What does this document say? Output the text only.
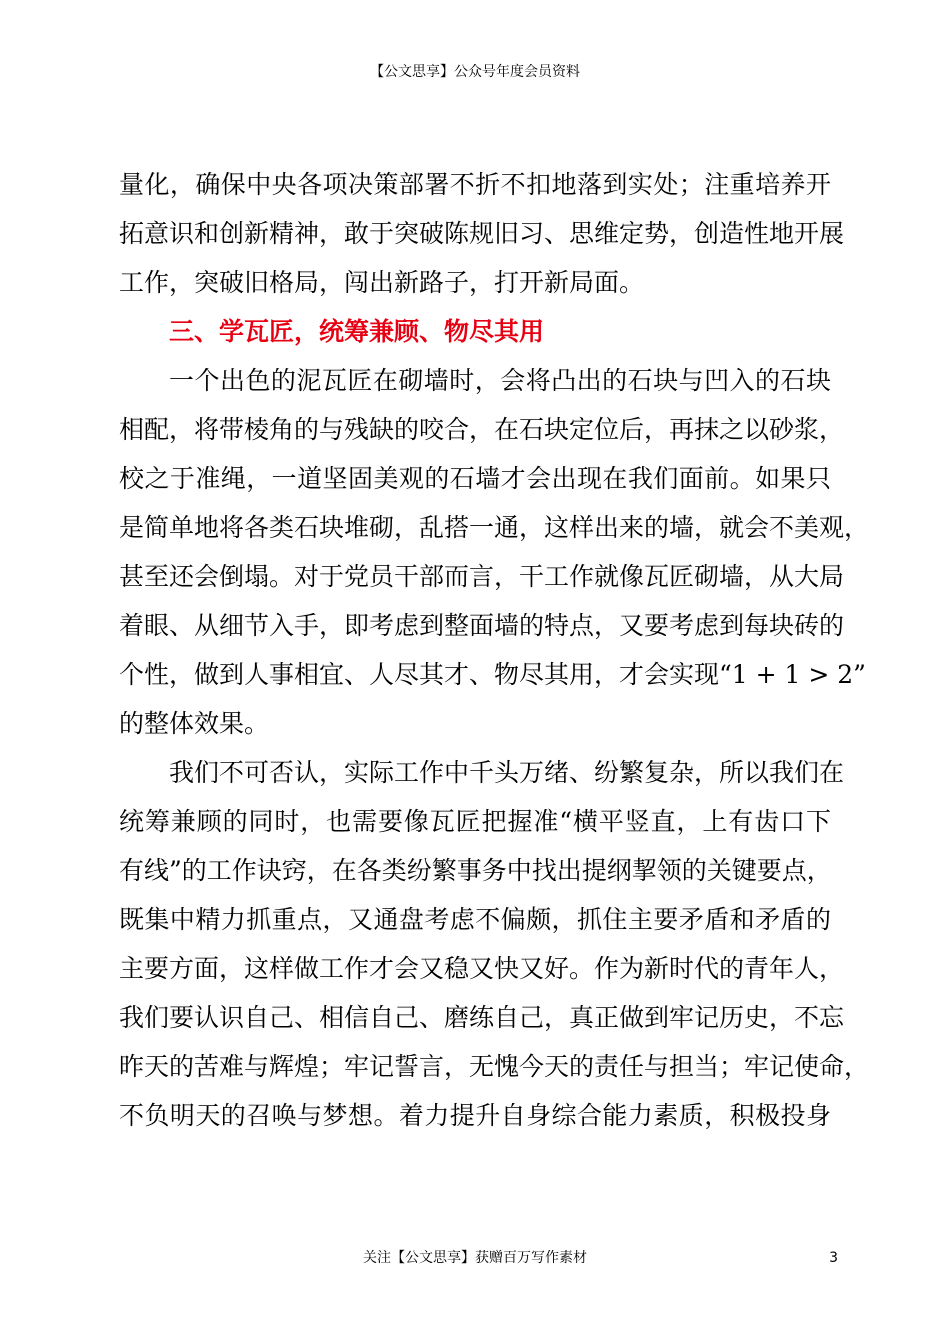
【公文思享】公众号年度会员资料
量化，确保中央各项决策部署不折不扣地落到实处；注重培养开
拓意识和创新精神，敢于突破陈规旧习、思维定势，创造性地开展
工作，突破旧格局，闯出新路子，打开新局面。
三、学瓦匠，统筹兼顾、物尽其用
一个出色的泥瓦匠在砌墙时，会将凸出的石块与凹入的石块
相配，将带棱角的与残缺的咬合，在石块定位后，再抹之以砂浆，
校之于准绳，一道坚固美观的石墙才会出现在我们面前。如果只
是简单地将各类石块堆砌，乱搭一通，这样出来的墙，就会不美观，
甚至还会倒塌。对于党员干部而言，干工作就像瓦匠砌墙，从大局
着眼、从细节入手，即考虑到整面墙的特点，又要考虑到每块砖的
个性，做到人事相宜、人尽其才、物尽其用，才会实现“1 + 1 > 2”
的整体效果。
我们不可否认，实际工作中千头万绪、纷繁复杂，所以我们在
统筹兼顾的同时，也需要像瓦匠把握准“横平竖直，上有齿口下
有线”的工作诀窍，在各类纷繁事务中找出提纲挈领的关键要点，
既集中精力抓重点，又通盘考虑不偏颇，抓住主要矛盾和矛盾的
主要方面，这样做工作才会又稳又快又好。作为新时代的青年人，
我们要认识自己、相信自己、磨练自己，真正做到牢记历史，不忘
昨天的苦难与辉煌；牢记誓言，无愧今天的责任与担当；牢记使命，
不负明天的召唤与梦想。着力提升自身综合能力素质，积极投身
关注【公文思享】获赠百万写作素材	3
